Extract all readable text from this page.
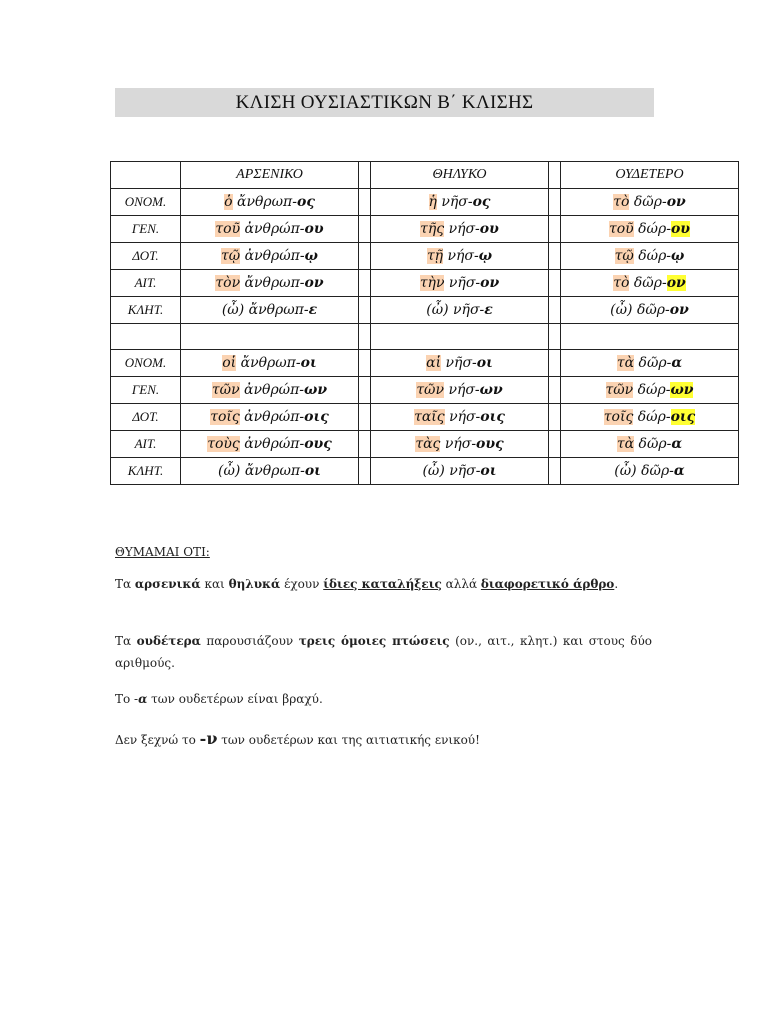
ΚΛΙΣΗ ΟΥΣΙΑΣΤΙΚΩΝ Β΄ ΚΛΙΣΗΣ
	ΑΡΣΕΝΙΚΟ		ΘΗΛΥΚΟ		ΟΥΔΕΤΕΡΟ
ΟΝΟΜ.	ὁ ἄνθρωπ-ος		ἡ νῆσ-ος		τὸ δῶρ-ον
ΓΕΝ.	τοῦ ἀνθρώπ-ου		τῆς νήσ-ου		τοῦ δώρ-ου
ΔΟΤ.	τῷ ἀνθρώπ-ῳ		τῇ νήσ-ῳ		τῷ δώρ-ῳ
ΑΙΤ.	τὸν ἄνθρωπ-ον		τὴν νῆσ-ον		τὸ δῶρ-ον
ΚΛΗΤ.	(ὦ) ἄνθρωπ-ε		(ὦ) νῆσ-ε		(ὦ) δῶρ-ον

ΟΝΟΜ.	οἱ ἄνθρωπ-οι		αἱ νῆσ-οι		τὰ δῶρ-α
ΓΕΝ.	τῶν ἀνθρώπ-ων		τῶν νήσ-ων		τῶν δώρ-ων
ΔΟΤ.	τοῖς ἀνθρώπ-οις		ταῖς νήσ-οις		τοῖς δώρ-οις
ΑΙΤ.	τοὺς ἀνθρώπ-ους		τὰς νήσ-ους		τὰ δῶρ-α
ΚΛΗΤ.	(ὦ) ἄνθρωπ-οι		(ὦ) νῆσ-οι		(ὦ) δῶρ-α
ΘΥΜΑΜΑΙ ΟΤΙ:
Τα αρσενικά και θηλυκά έχουν ίδιες καταλήξεις αλλά διαφορετικό άρθρο.
Τα ουδέτερα παρουσιάζουν τρεις όμοιες πτώσεις (ον., αιτ., κλητ.) και στους δύο αριθμούς.
Το -α των ουδετέρων είναι βραχύ.
Δεν ξεχνώ το -ν των ουδετέρων και της αιτιατικής ενικού!
